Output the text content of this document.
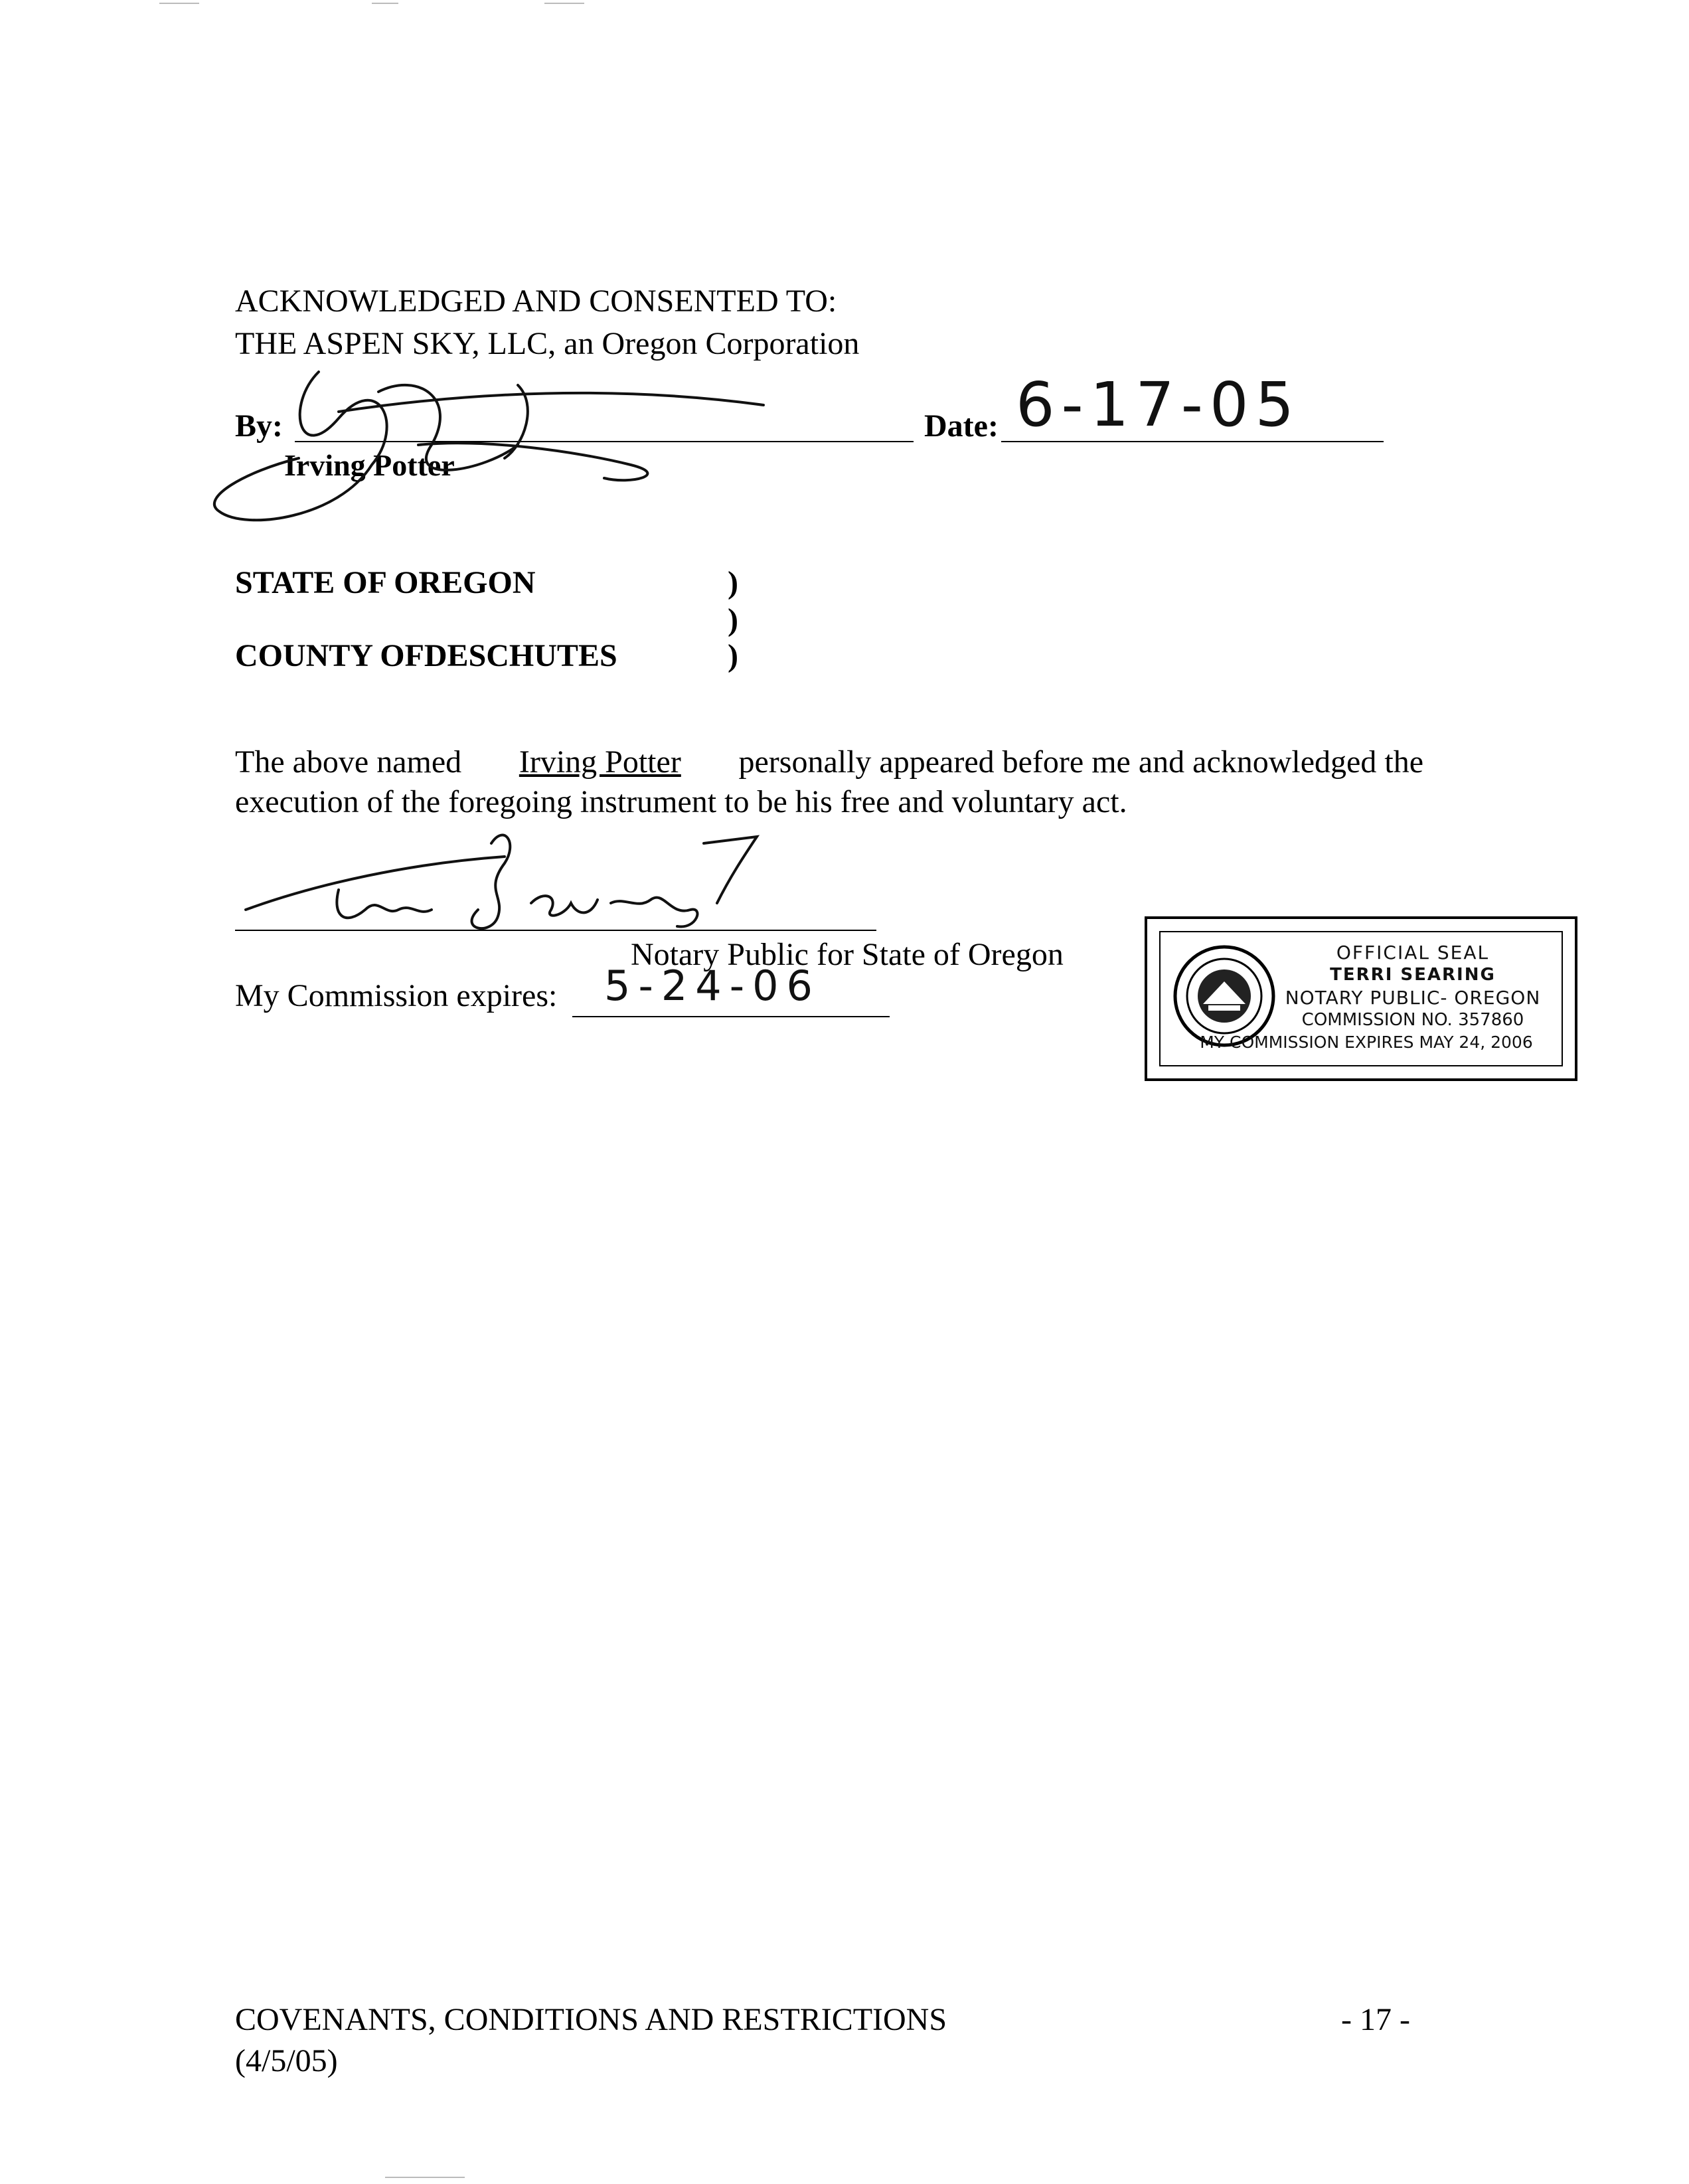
ACKNOWLEDGED AND CONSENTED TO:
THE ASPEN SKY, LLC, an Oregon Corporation
By:
Irving Potter
Date: 6-17-05
STATE OF OREGON
COUNTY OFDESCHUTES
)
)
)
The above named Irving Potter personally appeared before me and acknowledged the
execution of the foregoing instrument to be his free and voluntary act.
Notary Public for State of Oregon
My Commission expires: 5-24-06
OFFICIAL SEAL
TERRI SEARING
NOTARY PUBLIC- OREGON
COMMISSION NO. 357860
MY COMMISSION EXPIRES MAY 24, 2006
COVENANTS, CONDITIONS AND RESTRICTIONS
(4/5/05)
- 17 -
